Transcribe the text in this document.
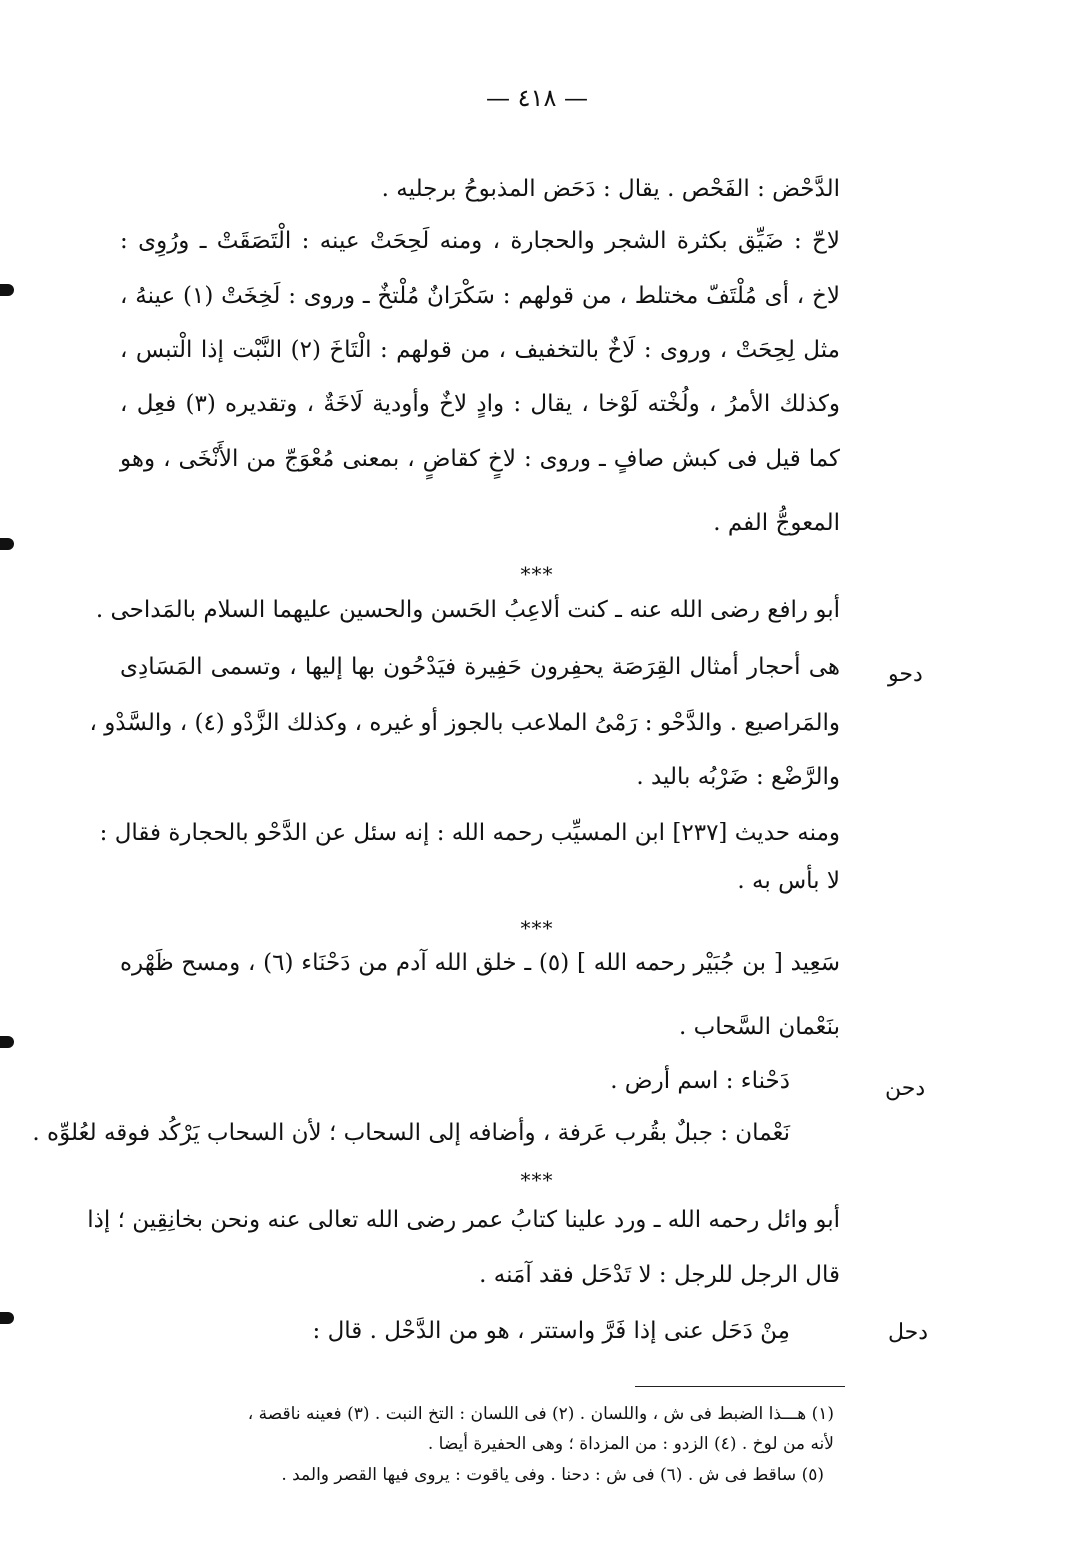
— ٤١٨ —
الدَّحْض : الفَحْص . يقال : دَحَض المذبوحُ برجليه .
لاحّ : ضَيِّق بكثرة الشجر والحجارة ، ومنه لَحِحَتْ عينه : الْتَصَقَتْ ـ ورُوِى :
لاخ ، أى مُلْتَفّ مختلط ، من قولهم : سَكْرَانٌ مُلْتخٌ ـ وروى : لَخِخَتْ (١) عينهُ ،
مثل لِحِحَتْ ، وروى : لَاخٌ بالتخفيف ، من قولهم : الْتَاخَ (٢) النَّبْت إذا الْتبس ،
وكذلك الأمرُ ، ولُخْته لَوْخا ، يقال : وادٍ لاخٌ وأودية لَاخَةٌ ، وتقديره (٣) فعِل ،
كما قيل فى كبش صافٍ ـ وروى : لاخٍ كقاضٍ ، بمعنى مُعْوَجّ من الأَنْخَى ، وهو
المعوجُّ الفم .
***
أبو رافع رضى الله عنه ـ كنت ألاعِبُ الحَسن والحسين عليهما السلام بالمَداحى .
هى أحجار أمثال القِرَصَة يحفِرون حَفِيرة فيَدْحُون بها إليها ، وتسمى المَسَادِى
والمَراصيع . والدَّحْو : رَمْىُ الملاعب بالجوز أو غيره ، وكذلك الزَّدْو (٤) ، والسَّدْو ،
والرَّضْع : ضَرْبُه باليد .
ومنه حديث [٢٣٧] ابن المسيِّب رحمه الله : إنه سئل عن الدَّحْو بالحجارة فقال :
لا بأس به .
دحو
***
سَعِيد [ بن جُبَيْر رحمه الله ] (٥) ـ خلق الله آدم من دَحْنَاء (٦) ، ومسح ظَهْره
بنَعْمان السَّحاب .
دَحْناء : اسم أرض .
نَعْمان : جبلٌ بقُرب عَرفة ، وأضافه إلى السحاب ؛ لأن السحاب يَرْكُد فوقه لعُلوِّه .
دحن
***
أبو وائل رحمه الله ـ ورد علينا كتابُ عمر رضى الله تعالى عنه ونحن بخانِقِين ؛ إذا
قال الرجل للرجل : لا تَدْحَل فقد آمَنه .
مِنْ دَحَل عنى إذا فَرَّ واستتر ، هو من الدَّحْل . قال :	دحل
(١) هـــذا الضبط فى ش ، واللسان . (٢) فى اللسان : التخ النبت . (٣) فعينه ناقصة ،
لأنه من لوخ . (٤) الزدو : من المزداة ؛ وهى الحفيرة أيضا .
(٥) ساقط فى ش . (٦) فى ش : دحنا . وفى ياقوت : يروى فيها القصر والمد .
